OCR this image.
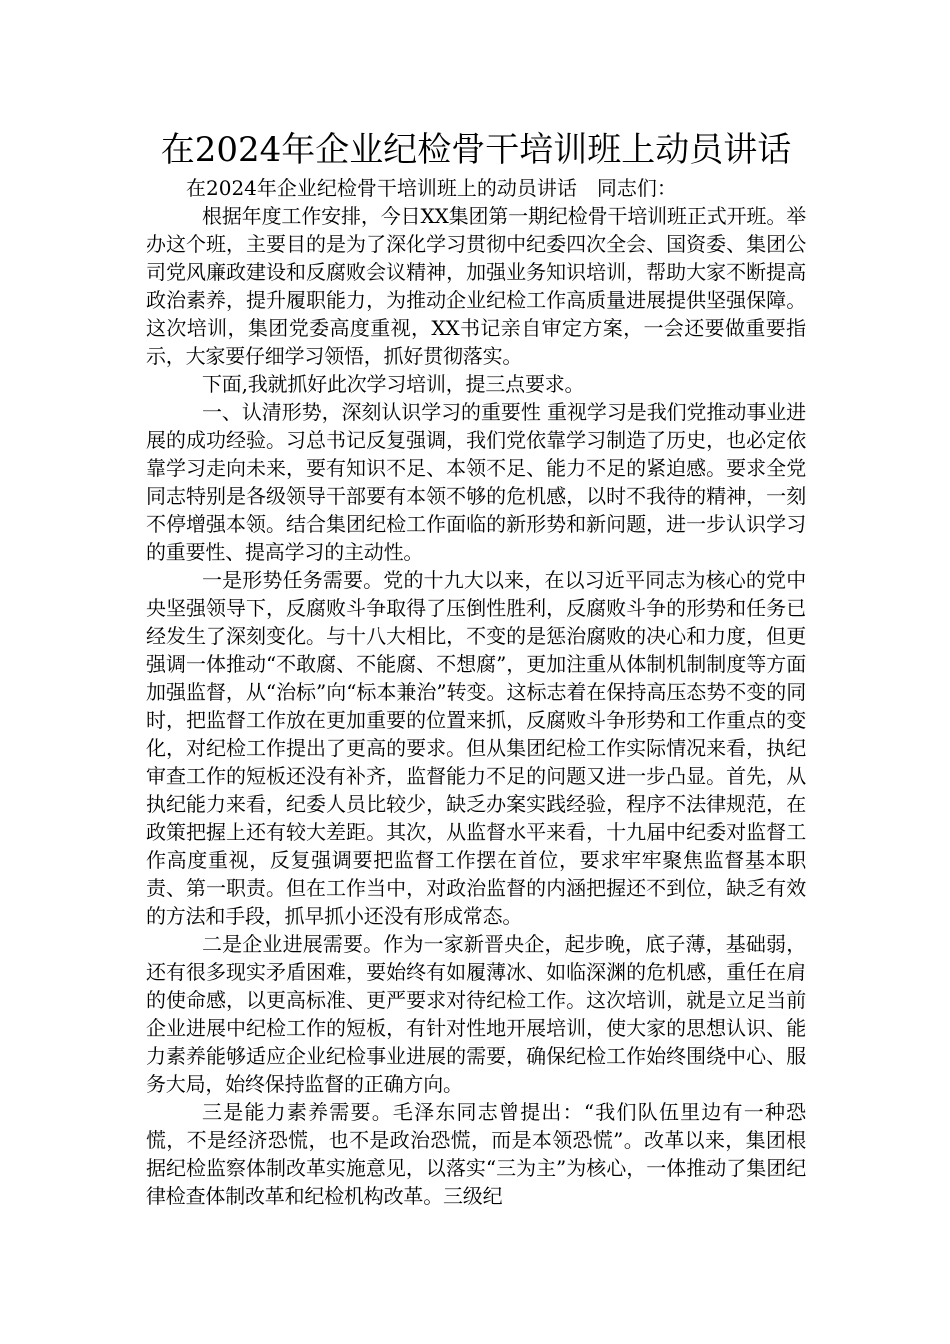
在2024年企业纪检骨干培训班上动员讲话

在2024年企业纪检骨干培训班上的动员讲话　同志们：

根据年度工作安排，今日XX集团第一期纪检骨干培训班正式开班。举办这个班，主要目的是为了深化学习贯彻中纪委四次全会、国资委、集团公司党风廉政建设和反腐败会议精神，加强业务知识培训，帮助大家不断提高政治素养，提升履职能力，为推动企业纪检工作高质量进展提供坚强保障。这次培训，集团党委高度重视，XX书记亲自审定方案，一会还要做重要指示，大家要仔细学习领悟，抓好贯彻落实。

下面,我就抓好此次学习培训，提三点要求。

一、认清形势，深刻认识学习的重要性 重视学习是我们党推动事业进展的成功经验。习总书记反复强调，我们党依靠学习制造了历史，也必定依靠学习走向未来，要有知识不足、本领不足、能力不足的紧迫感。要求全党同志特别是各级领导干部要有本领不够的危机感，以时不我待的精神，一刻不停增强本领。结合集团纪检工作面临的新形势和新问题，进一步认识学习的重要性、提高学习的主动性。

一是形势任务需要。党的十九大以来，在以习近平同志为核心的党中央坚强领导下，反腐败斗争取得了压倒性胜利，反腐败斗争的形势和任务已经发生了深刻变化。与十八大相比，不变的是惩治腐败的决心和力度，但更强调一体推动“不敢腐、不能腐、不想腐”，更加注重从体制机制制度等方面加强监督，从“治标”向“标本兼治”转变。这标志着在保持高压态势不变的同时，把监督工作放在更加重要的位置来抓，反腐败斗争形势和工作重点的变化，对纪检工作提出了更高的要求。但从集团纪检工作实际情况来看，执纪审查工作的短板还没有补齐，监督能力不足的问题又进一步凸显。首先，从执纪能力来看，纪委人员比较少，缺乏办案实践经验，程序不法律规范，在政策把握上还有较大差距。其次，从监督水平来看，十九届中纪委对监督工作高度重视，反复强调要把监督工作摆在首位，要求牢牢聚焦监督基本职责、第一职责。但在工作当中，对政治监督的内涵把握还不到位，缺乏有效的方法和手段，抓早抓小还没有形成常态。

二是企业进展需要。作为一家新晋央企，起步晚，底子薄，基础弱，还有很多现实矛盾困难，要始终有如履薄冰、如临深渊的危机感，重任在肩的使命感，以更高标准、更严要求对待纪检工作。这次培训，就是立足当前企业进展中纪检工作的短板，有针对性地开展培训，使大家的思想认识、能力素养能够适应企业纪检事业进展的需要，确保纪检工作始终围绕中心、服务大局，始终保持监督的正确方向。

三是能力素养需要。毛泽东同志曾提出：“我们队伍里边有一种恐慌，不是经济恐慌，也不是政治恐慌，而是本领恐慌”。改革以来，集团根据纪检监察体制改革实施意见，以落实“三为主”为核心，一体推动了集团纪律检查体制改革和纪检机构改革。三级纪
